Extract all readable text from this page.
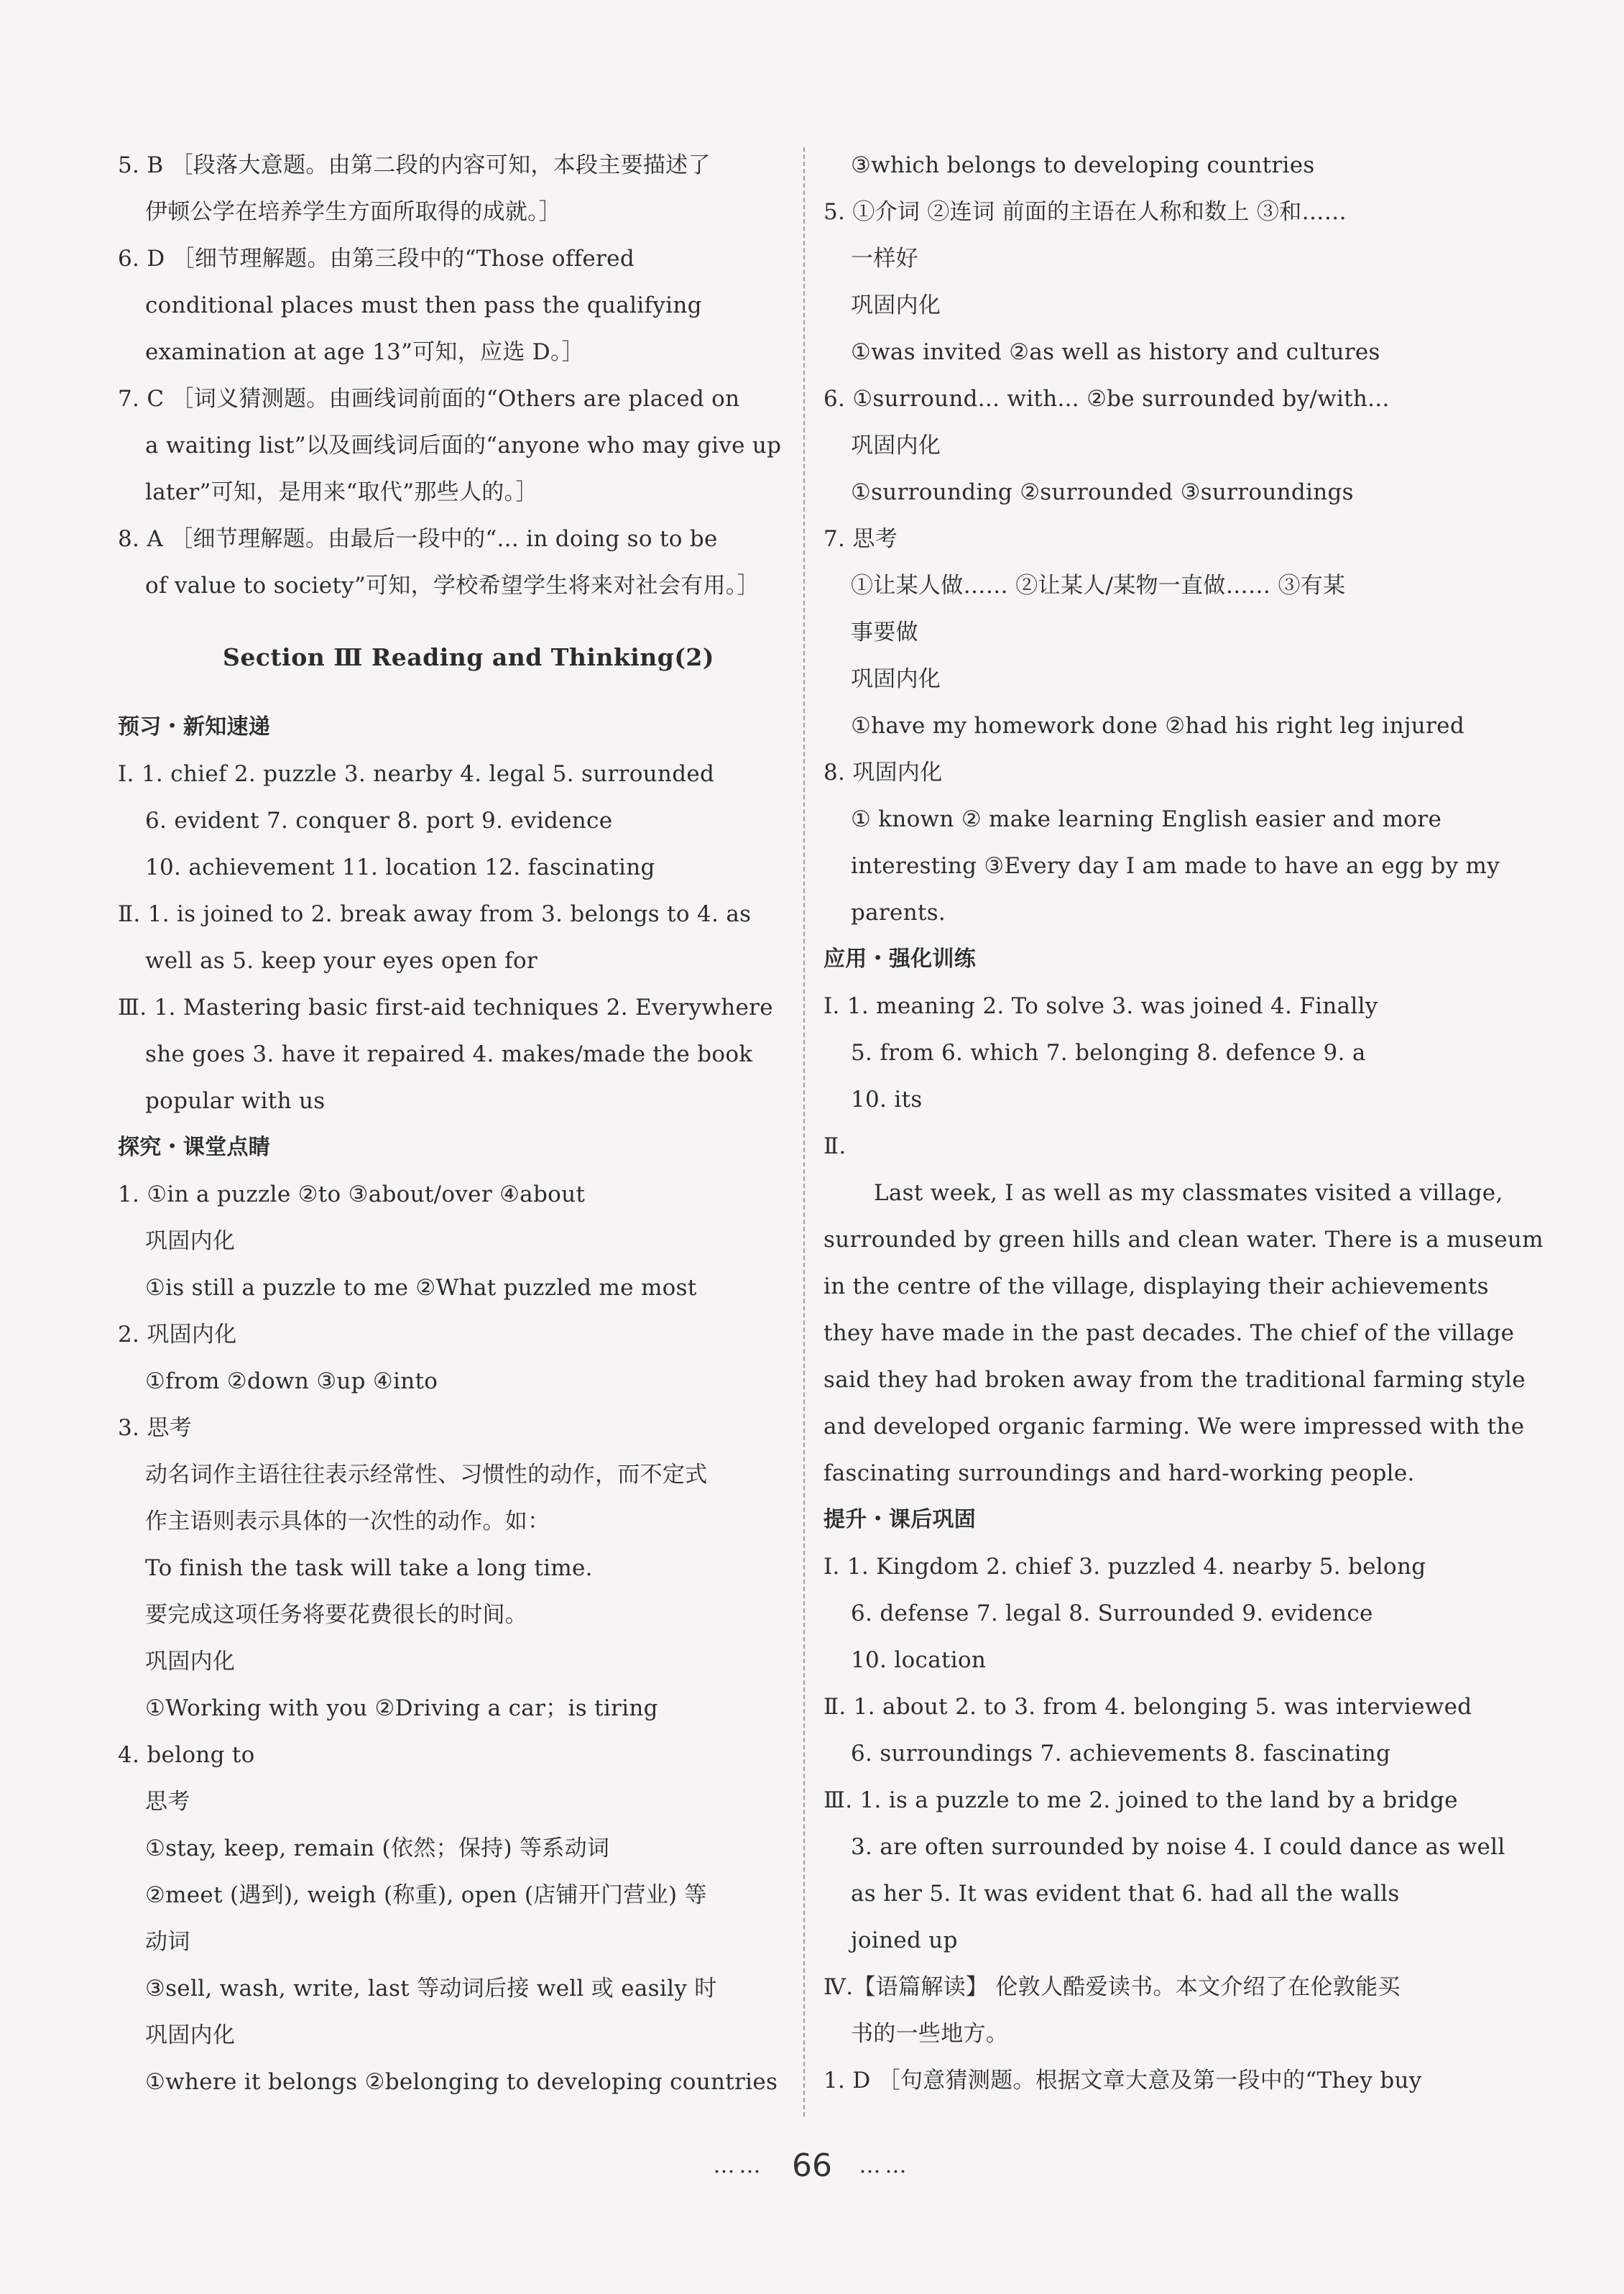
5. B ［段落大意题。由第二段的内容可知，本段主要描述了
伊顿公学在培养学生方面所取得的成就。］
6. D ［细节理解题。由第三段中的“Those offered
conditional places must then pass the qualifying
examination at age 13”可知，应选 D。］
7. C ［词义猜测题。由画线词前面的“Others are placed on
a waiting list”以及画线词后面的“anyone who may give up
later”可知，是用来“取代”那些人的。］
8. A ［细节理解题。由最后一段中的“... in doing so to be
of value to society”可知，学校希望学生将来对社会有用。］
Section Ⅲ Reading and Thinking(2)
预习・新知速递
Ⅰ. 1. chief 2. puzzle 3. nearby 4. legal 5. surrounded
6. evident 7. conquer 8. port 9. evidence
10. achievement 11. location 12. fascinating
Ⅱ. 1. is joined to 2. break away from 3. belongs to 4. as
well as 5. keep your eyes open for
Ⅲ. 1. Mastering basic first-aid techniques 2. Everywhere
she goes 3. have it repaired 4. makes/made the book
popular with us
探究・课堂点睛
1. ①in a puzzle ②to ③about/over ④about
巩固内化
①is still a puzzle to me ②What puzzled me most
2. 巩固内化
①from ②down ③up ④into
3. 思考
动名词作主语往往表示经常性、习惯性的动作，而不定式
作主语则表示具体的一次性的动作。如：
To finish the task will take a long time.
要完成这项任务将要花费很长的时间。
巩固内化
①Working with you ②Driving a car；is tiring
4. belong to
思考
①stay, keep, remain (依然；保持) 等系动词
②meet (遇到), weigh (称重), open (店铺开门营业) 等
动词
③sell, wash, write, last 等动词后接 well 或 easily 时
巩固内化
①where it belongs ②belonging to developing countries
③which belongs to developing countries
5. ①介词 ②连词 前面的主语在人称和数上 ③和……
一样好
巩固内化
①was invited ②as well as history and cultures
6. ①surround... with... ②be surrounded by/with...
巩固内化
①surrounding ②surrounded ③surroundings
7. 思考
①让某人做…… ②让某人/某物一直做…… ③有某
事要做
巩固内化
①have my homework done ②had his right leg injured
8. 巩固内化
① known ② make learning English easier and more
interesting ③Every day I am made to have an egg by my
parents.
应用・强化训练
Ⅰ. 1. meaning 2. To solve 3. was joined 4. Finally
5. from 6. which 7. belonging 8. defence 9. a
10. its
Ⅱ.
Last week, I as well as my classmates visited a village,
surrounded by green hills and clean water. There is a museum
in the centre of the village, displaying their achievements
they have made in the past decades. The chief of the village
said they had broken away from the traditional farming style
and developed organic farming. We were impressed with the
fascinating surroundings and hard-working people.
提升・课后巩固
Ⅰ. 1. Kingdom 2. chief 3. puzzled 4. nearby 5. belong
6. defense 7. legal 8. Surrounded 9. evidence
10. location
Ⅱ. 1. about 2. to 3. from 4. belonging 5. was interviewed
6. surroundings 7. achievements 8. fascinating
Ⅲ. 1. is a puzzle to me 2. joined to the land by a bridge
3. are often surrounded by noise 4. I could dance as well
as her 5. It was evident that 6. had all the walls
joined up
Ⅳ.【语篇解读】 伦敦人酷爱读书。本文介绍了在伦敦能买
书的一些地方。
1. D ［句意猜测题。根据文章大意及第一段中的“They buy
…… 66 ……
